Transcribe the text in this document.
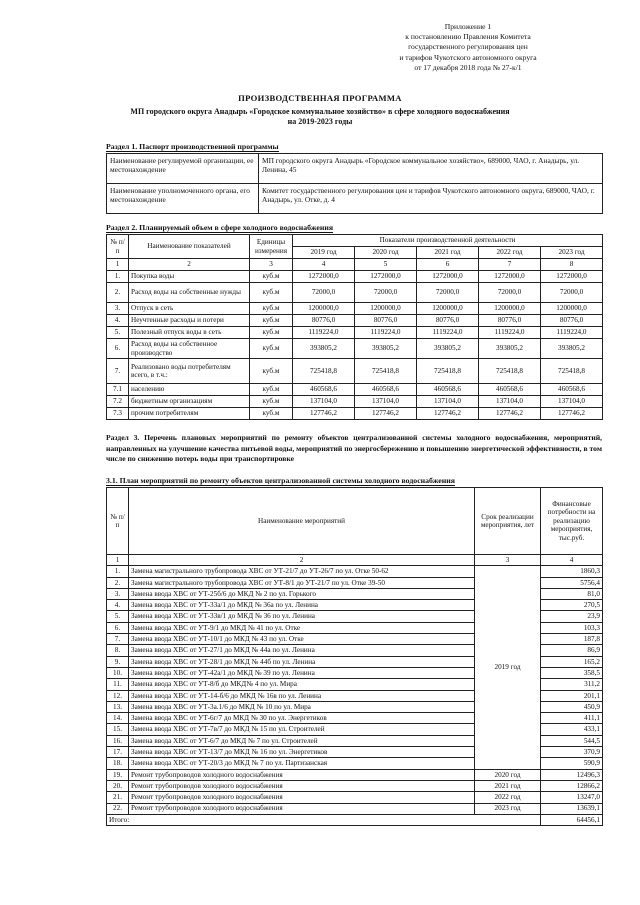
Приложение 1
к постановлению Правления Комитета
государственного регулирования цен
и тарифов Чукотского автономного округа
от 17 декабря 2018 года № 27-к/1
ПРОИЗВОДСТВЕННАЯ ПРОГРАММА
МП городского округа Анадырь «Городское коммунальное хозяйство» в сфере холодного водоснабжения
на 2019-2023 годы
Раздел 1. Паспорт производственной программы
Наименование регулируемой организации, ее местонахождение	МП городского округа Анадырь «Городское коммунальное хозяйство», 689000, ЧАО, г. Анадырь, ул. Ленина, 45
Наименование уполномоченного органа, его местонахождение	Комитет государственного регулирования цен и тарифов Чукотского автономного округа, 689000, ЧАО, г. Анадырь, ул. Отке, д. 4
Раздел 2. Планируемый объем в сфере холодного водоснабжения
№ п/п	Наименование показателей	Единицы измерения	Показатели производственной деятельности				
			2019 год	2020 год	2021 год	2022 год	2023 год
1	2	3	4	5	6	7	8
1.	Покупка воды	куб.м	1272000,0	1272000,0	1272000,0	1272000,0	1272000,0
2.	Расход воды на собственные нужды	куб.м	72000,0	72000,0	72000,0	72000,0	72000,0
3.	Отпуск в сеть	куб.м	1200000,0	1200000,0	1200000,0	1200000,0	1200000,0
4.	Неучтенные расходы и потери	куб.м	80776,0	80776,0	80776,0	80776,0	80776,0
5.	Полезный отпуск воды в сеть	куб.м	1119224,0	1119224,0	1119224,0	1119224,0	1119224,0
6.	Расход воды на собственное производство	куб.м	393805,2	393805,2	393805,2	393805,2	393805,2
7.	Реализовано воды потребителям всего, в т.ч.:	куб.м	725418,8	725418,8	725418,8	725418,8	725418,8
7.1	населению	куб.м	460568,6	460568,6	460568,6	460568,6	460568,6
7.2	бюджетным организациям	куб.м	137104,0	137104,0	137104,0	137104,0	137104,0
7.3	прочим потребителям	куб.м	127746,2	127746,2	127746,2	127746,2	127746,2
Раздел 3. Перечень плановых мероприятий по ремонту объектов централизованной системы холодного водоснабжения, мероприятий, направленных на улучшение качества питьевой воды, мероприятий по энергосбережению и повышению энергетической эффективности, в том числе по снижению потерь воды при транспортировке
3.1. План мероприятий по ремонту объектов централизованной системы холодного водоснабжения
№ п/п	Наименование мероприятий	Срок реализации мероприятия, лет	Финансовые потребности на реализацию мероприятия, тыс.руб.
1	2	3	4
1.	Замена магистрального трубопровода ХВС от УТ-21/7 до УТ-26/7 по ул. Отке 50-62	2019 год	1860,3
2.	Замена магистрального трубопровода ХВС от УТ-8/1 до УТ-21/7 по ул. Отке 39-50		5756,4
3.	Замена ввода ХВС от УТ-25б/6 до МКД № 2 по ул. Горького		81,0
4.	Замена ввода ХВС от УТ-33а/1 до МКД № 36а по ул. Ленина		270,5
5.	Замена ввода ХВС от УТ-33в/1 до МКД № 36 по ул. Ленина		23,9
6.	Замена ввода ХВС от УТ-9/1 до МКД № 41 по ул. Отке		103,3
7.	Замена ввода ХВС от УТ-10/1 до МКД № 43 по ул. Отке		187,8
8.	Замена ввода ХВС от УТ-27/1 до МКД № 44а по ул. Ленина		86,9
9.	Замена ввода ХВС от УТ-28/1 до МКД № 44б по ул. Ленина		165,2
10.	Замена ввода ХВС от УТ-42а/1 до МКД № 39 по ул. Ленина		358,5
11.	Замена ввода ХВС от УТ-8/б до МКД№ 4 по ул. Мира		311,2
12.	Замена ввода ХВС от УТ-14-б/6 до МКД № 16в по ул. Ленина		201,1
13.	Замена ввода ХВС от УТ-3а.1/6 до МКД № 10 по ул. Мира		450,9
14.	Замена ввода ХВС от УТ-6г/7 до МКД № 30 по ул. Энергетиков		411,1
15.	Замена ввода ХВС от УТ-7в/7 до МКД № 15 по ул. Строителей		433,1
16.	Замена ввода ХВС от УТ-6/7 до МКД № 7 по ул. Строителей		544,5
17.	Замена ввода ХВС от УТ-13/7 до МКД № 16 по ул. Энергетиков		370,9
18.	Замена ввода ХВС от УТ-20/3 до МКД № 7 по ул. Партизанская		590,9
19.	Ремонт трубопроводов холодного водоснабжения	2020 год	12496,3
20.	Ремонт трубопроводов холодного водоснабжения	2021 год	12866,2
21.	Ремонт трубопроводов холодного водоснабжения	2022 год	13247,0
22.	Ремонт трубопроводов холодного водоснабжения	2023 год	13639,1
Итого:			64456,1
